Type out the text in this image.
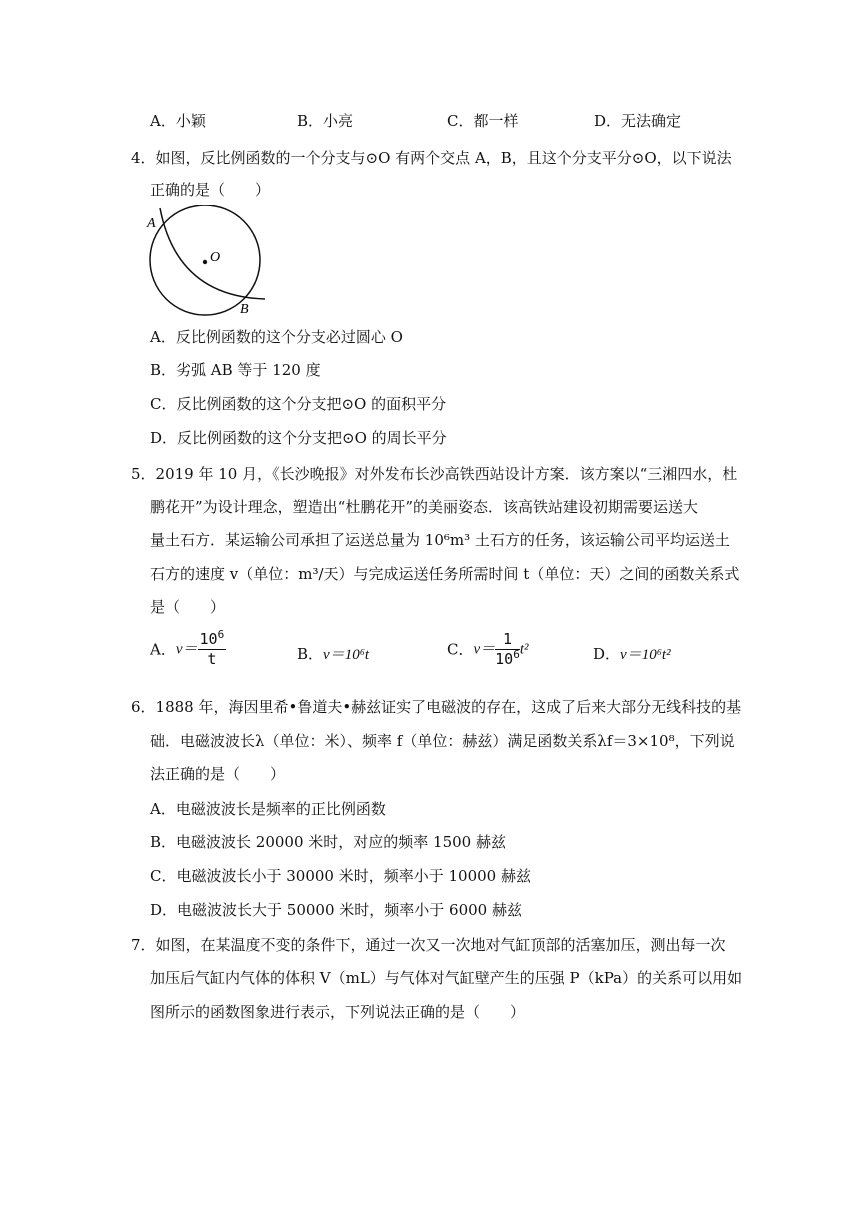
A．小颖	B．小亮	C．都一样	D．无法确定
4．如图，反比例函数的一个分支与⊙O 有两个交点 A，B，且这个分支平分⊙O，以下说法
正确的是（　　）
O
A
B
A．反比例函数的这个分支必过圆心 O
B．劣弧 AB 等于 120 度
C．反比例函数的这个分支把⊙O 的面积平分
D．反比例函数的这个分支把⊙O 的周长平分
5．2019 年 10 月，《长沙晚报》对外发布长沙高铁西站设计方案．该方案以“三湘四水，杜
鹏花开”为设计理念，塑造出“杜鹏花开”的美丽姿态．该高铁站建设初期需要运送大
量土石方．某运输公司承担了运送总量为 10⁶m³ 土石方的任务，该运输公司平均运送土
石方的速度 v（单位：m³/天）与完成运送任务所需时间 t（单位：天）之间的函数关系式
是（　　）
A．$v= \frac{10^6}{t}$	B．v＝10⁶t	C．$v= \frac{1}{10^6} t^2$	D．v＝10⁶t²
6．1888 年，海因里希•鲁道夫•赫兹证实了电磁波的存在，这成了后来大部分无线科技的基
础．电磁波波长λ（单位：米）、频率 f（单位：赫兹）满足函数关系λf＝3×10⁸，下列说
法正确的是（　　）
A．电磁波波长是频率的正比例函数
B．电磁波波长 20000 米时，对应的频率 1500 赫兹
C．电磁波波长小于 30000 米时，频率小于 10000 赫兹
D．电磁波波长大于 50000 米时，频率小于 6000 赫兹
7．如图，在某温度不变的条件下，通过一次又一次地对气缸顶部的活塞加压，测出每一次
加压后气缸内气体的体积 V（mL）与气体对气缸壁产生的压强 P（kPa）的关系可以用如
图所示的函数图象进行表示，下列说法正确的是（　　）
